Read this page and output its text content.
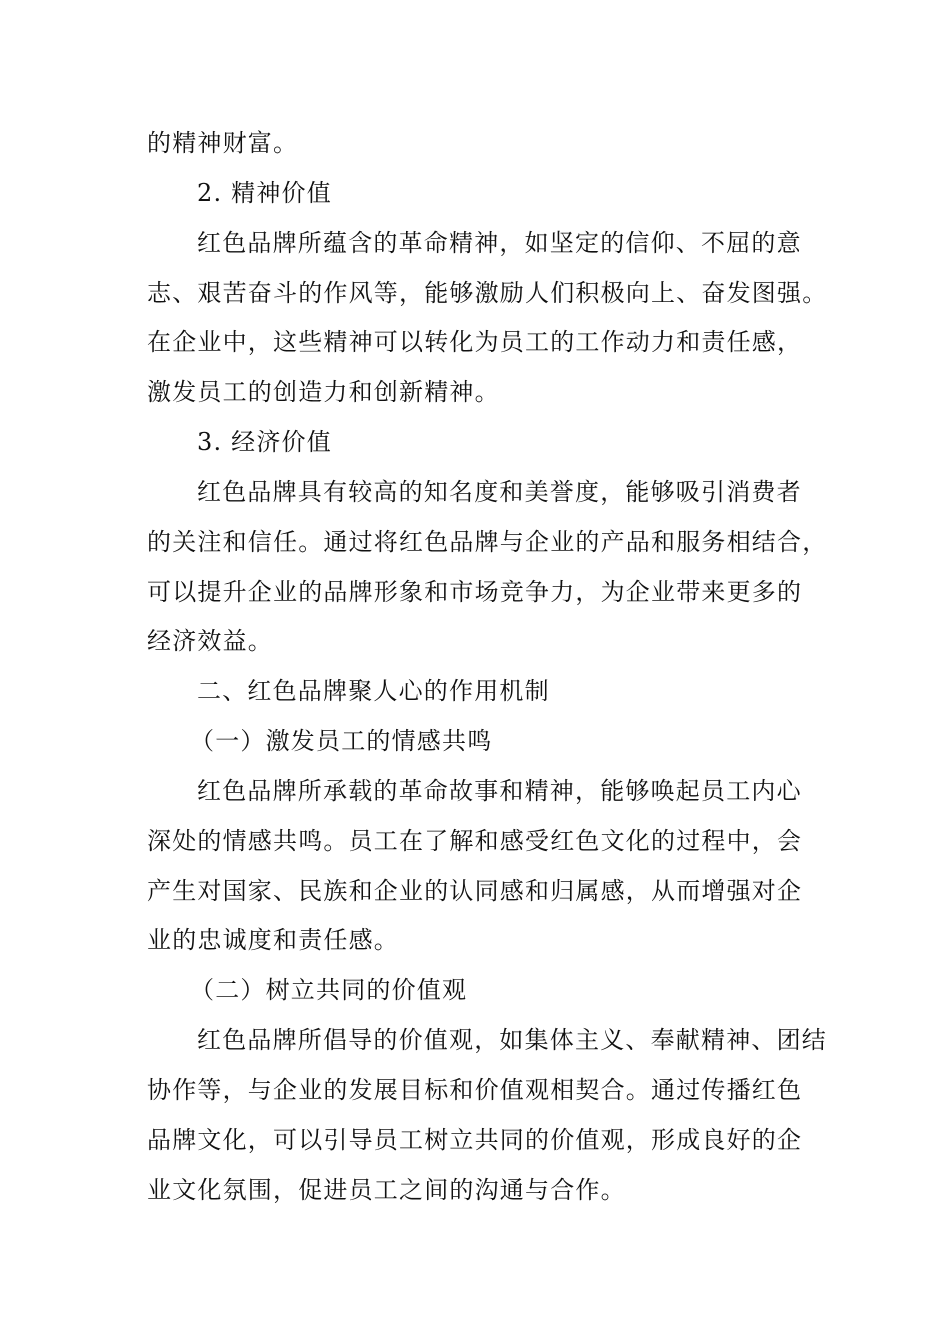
的精神财富。
2. 精神价值
红色品牌所蕴含的革命精神，如坚定的信仰、不屈的意
志、艰苦奋斗的作风等，能够激励人们积极向上、奋发图强。
在企业中，这些精神可以转化为员工的工作动力和责任感，
激发员工的创造力和创新精神。
3. 经济价值
红色品牌具有较高的知名度和美誉度，能够吸引消费者
的关注和信任。通过将红色品牌与企业的产品和服务相结合，
可以提升企业的品牌形象和市场竞争力，为企业带来更多的
经济效益。
二、红色品牌聚人心的作用机制
（一）激发员工的情感共鸣
红色品牌所承载的革命故事和精神，能够唤起员工内心
深处的情感共鸣。员工在了解和感受红色文化的过程中，会
产生对国家、民族和企业的认同感和归属感，从而增强对企
业的忠诚度和责任感。
（二）树立共同的价值观
红色品牌所倡导的价值观，如集体主义、奉献精神、团结
协作等，与企业的发展目标和价值观相契合。通过传播红色
品牌文化，可以引导员工树立共同的价值观，形成良好的企
业文化氛围，促进员工之间的沟通与合作。
